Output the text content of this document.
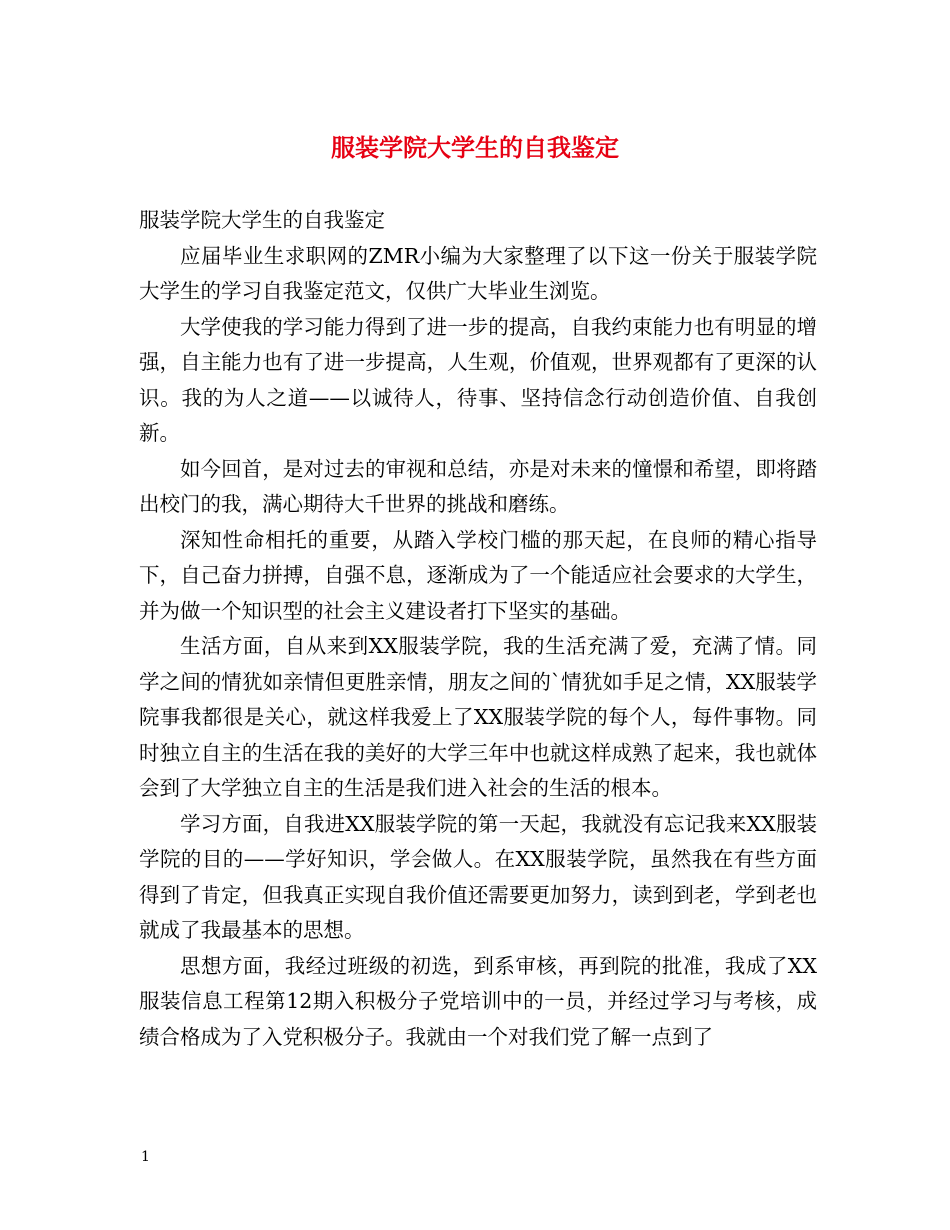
服装学院大学生的自我鉴定

服装学院大学生的自我鉴定

应届毕业生求职网的ZMR小编为大家整理了以下这一份关于服装学院大学生的学习自我鉴定范文，仅供广大毕业生浏览。

大学使我的学习能力得到了进一步的提高，自我约束能力也有明显的增强，自主能力也有了进一步提高，人生观，价值观，世界观都有了更深的认识。我的为人之道——以诚待人，待事、坚持信念行动创造价值、自我创新。

如今回首，是对过去的审视和总结，亦是对未来的憧憬和希望，即将踏出校门的我，满心期待大千世界的挑战和磨练。

深知性命相托的重要，从踏入学校门槛的那天起，在良师的精心指导下，自己奋力拼搏，自强不息，逐渐成为了一个能适应社会要求的大学生，并为做一个知识型的社会主义建设者打下坚实的基础。

生活方面，自从来到XX服装学院，我的生活充满了爱，充满了情。同学之间的情犹如亲情但更胜亲情，朋友之间的`情犹如手足之情，XX服装学院事我都很是关心，就这样我爱上了XX服装学院的每个人，每件事物。同时独立自主的生活在我的美好的大学三年中也就这样成熟了起来，我也就体会到了大学独立自主的生活是我们进入社会的生活的根本。

学习方面，自我进XX服装学院的第一天起，我就没有忘记我来XX服装学院的目的——学好知识，学会做人。在XX服装学院，虽然我在有些方面得到了肯定，但我真正实现自我价值还需要更加努力，读到到老，学到老也就成了我最基本的思想。

思想方面，我经过班级的初选，到系审核，再到院的批准，我成了XX服装信息工程第12期入积极分子党培训中的一员，并经过学习与考核，成绩合格成为了入党积极分子。我就由一个对我们党了解一点到了

1
